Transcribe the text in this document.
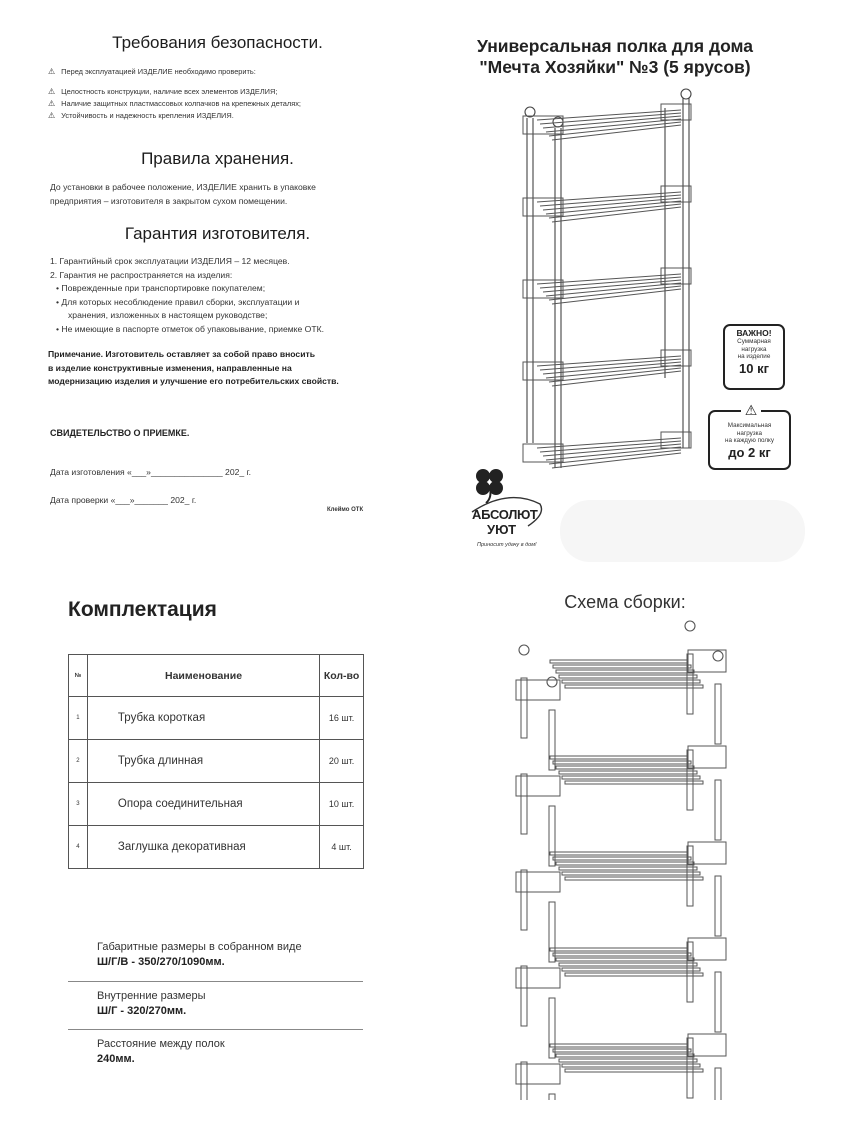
Требования безопасности.
⚠ Перед эксплуатацией ИЗДЕЛИЕ необходимо проверить:
⚠ Целостность конструкции, наличие всех элементов ИЗДЕЛИЯ;
⚠ Наличие защитных пластмассовых колпачков на крепежных деталях;
⚠ Устойчивость и надежность крепления ИЗДЕЛИЯ.
Правила хранения.
До установки в рабочее положение, ИЗДЕЛИЕ хранить в упаковке
предприятия – изготовителя в закрытом сухом помещении.
Гарантия изготовителя.
1. Гарантийный срок эксплуатации ИЗДЕЛИЯ – 12 месяцев.
2. Гарантия не распространяется на изделия:
• Поврежденные при транспортировке покупателем;
• Для которых несоблюдение правил сборки, эксплуатации и
хранения, изложенных в настоящем руководстве;
• Не имеющие в паспорте отметок об упаковывание, приемке ОТК.
Примечание. Изготовитель оставляет за собой право вносить
в изделие конструктивные изменения, направленные на
модернизацию изделия и улучшение его потребительских свойств.
СВИДЕТЕЛЬСТВО О ПРИЕМКЕ.
Дата изготовления «___»_______________ 202_ г.
Дата проверки «___»_______ 202_ г.
Клеймо ОТК
Универсальная полка для дома
"Мечта Хозяйки" №3 (5 ярусов)
ВАЖНО!
Суммарная
нагрузка
на изделие
10 кг
⚠
Максимальная
нагрузка
на каждую полку
до 2 кг
АБСОЛЮТ
УЮТ
Приносит удачу в дом!
Комплектация
№	Наименование	Кол-во
1	Трубка короткая	16 шт.
2	Трубка длинная	20 шт.
3	Опора соединительная	10 шт.
4	Заглушка декоративная	4 шт.
Габаритные размеры в собранном виде
Ш/Г/В - 350/270/1090мм.
Внутренние размеры
Ш/Г - 320/270мм.
Расстояние между полок
240мм.
Схема сборки:
